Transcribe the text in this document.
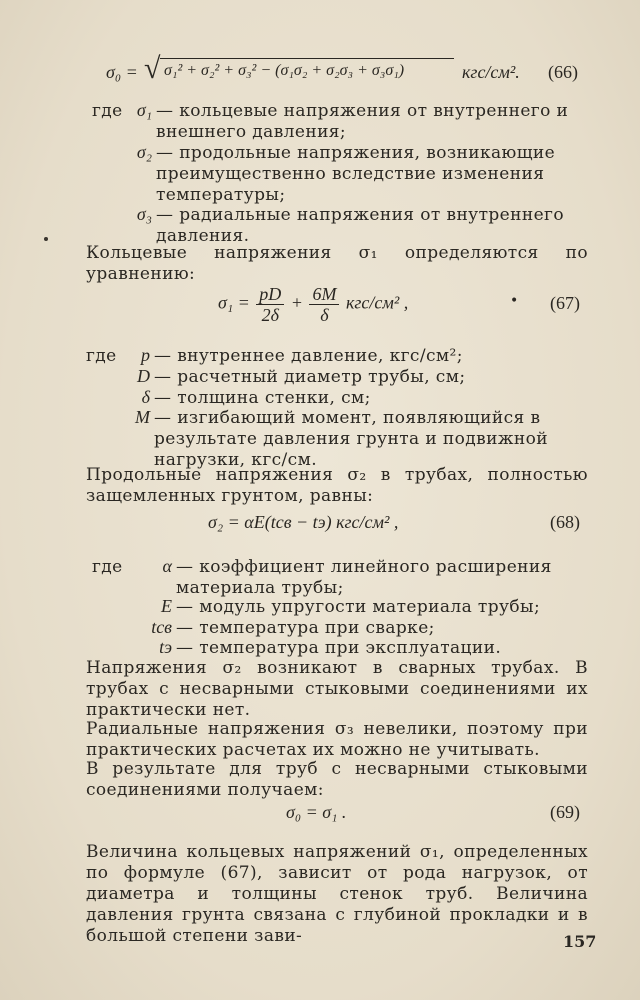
σ₀ = √ σ₁² + σ₂² + σ₃² − (σ₁σ₂ + σ₂σ₃ + σ₃σ₁)	кгс/см². (66)
где σ₁ — кольцевые напряжения от внутреннего и внешнего давления;
σ₂ — продольные напряжения, возникающие преимущественно вследствие изменения температуры;
σ₃ — радиальные напряжения от внутреннего давления.
Кольцевые напряжения σ₁ определяются по уравнению:
$\sigma_1 = \frac{pD}{2\delta} + \frac{6M}{\delta} кгс/см^2$ ,	• (67)
где	p — внутреннее давление, кгс/см²;
D — расчетный диаметр трубы, см;
δ — толщина стенки, см;
M — изгибающий момент, появляющийся в результате давления грунта и подвижной нагрузки, кгс/см.
Продольные напряжения σ₂ в трубах, полностью защемленных грунтом, равны:
σ₂ = αE(tсв − tэ) кгс/см² ,	(68)
где	α — коэффициент линейного расширения материала трубы;
E — модуль упругости материала трубы;
tсв — температура при сварке;
tэ — температура при эксплуатации.
Напряжения σ₂ возникают в сварных трубах. В трубах с несварными стыковыми соединениями их практически нет.
Радиальные напряжения σ₃ невелики, поэтому при практических расчетах их можно не учитывать.
В результате для труб с несварными стыковыми соединениями получаем:
σ₀ = σ₁ .	(69)
Величина кольцевых напряжений σ₁, определенных по формуле (67), зависит от рода нагрузок, от диаметра и толщины стенок труб. Величина давления грунта связана с глубиной прокладки и в большой степени зави-	157
